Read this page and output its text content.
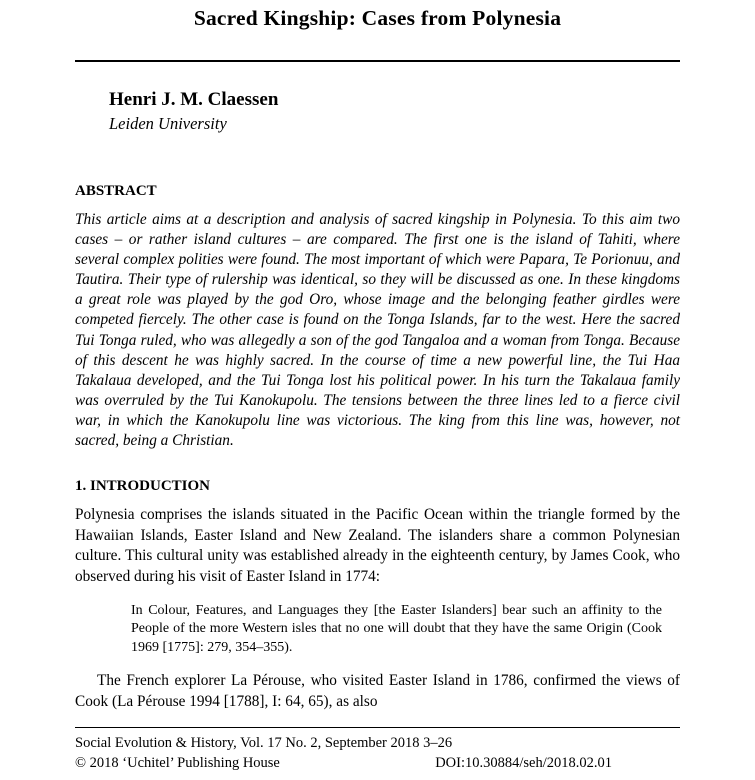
Sacred Kingship: Cases from Polynesia
Henri J. M. Claessen
Leiden University
ABSTRACT

This article aims at a description and analysis of sacred kingship in Polynesia. To this aim two cases – or rather island cultures – are compared. The first one is the island of Tahiti, where several complex polities were found. The most important of which were Papara, Te Porionuu, and Tautira. Their type of rulership was identical, so they will be discussed as one. In these kingdoms a great role was played by the god Oro, whose image and the belonging feather girdles were competed fiercely. The other case is found on the Tonga Islands, far to the west. Here the sacred Tui Tonga ruled, who was allegedly a son of the god Tangaloa and a woman from Tonga. Because of this descent he was highly sacred. In the course of time a new powerful line, the Tui Haa Takalaua developed, and the Tui Tonga lost his political power. In his turn the Takalaua family was overruled by the Tui Kanokupolu. The tensions between the three lines led to a fierce civil war, in which the Kanokupolu line was victorious. The king from this line was, however, not sacred, being a Christian.

1. INTRODUCTION

Polynesia comprises the islands situated in the Pacific Ocean within the triangle formed by the Hawaiian Islands, Easter Island and New Zealand. The islanders share a common Polynesian culture. This cultural unity was established already in the eighteenth century, by James Cook, who observed during his visit of Easter Island in 1774:

In Colour, Features, and Languages they [the Easter Islanders] bear such an affinity to the People of the more Western isles that no one will doubt that they have the same Origin (Cook 1969 [1775]: 279, 354–355).

The French explorer La Pérouse, who visited Easter Island in 1786, confirmed the views of Cook (La Pérouse 1994 [1788], I: 64, 65), as also

Social Evolution & History, Vol. 17 No. 2, September 2018 3–26
© 2018 ‘Uchitel’ Publishing House	DOI:10.30884/seh/2018.02.01
